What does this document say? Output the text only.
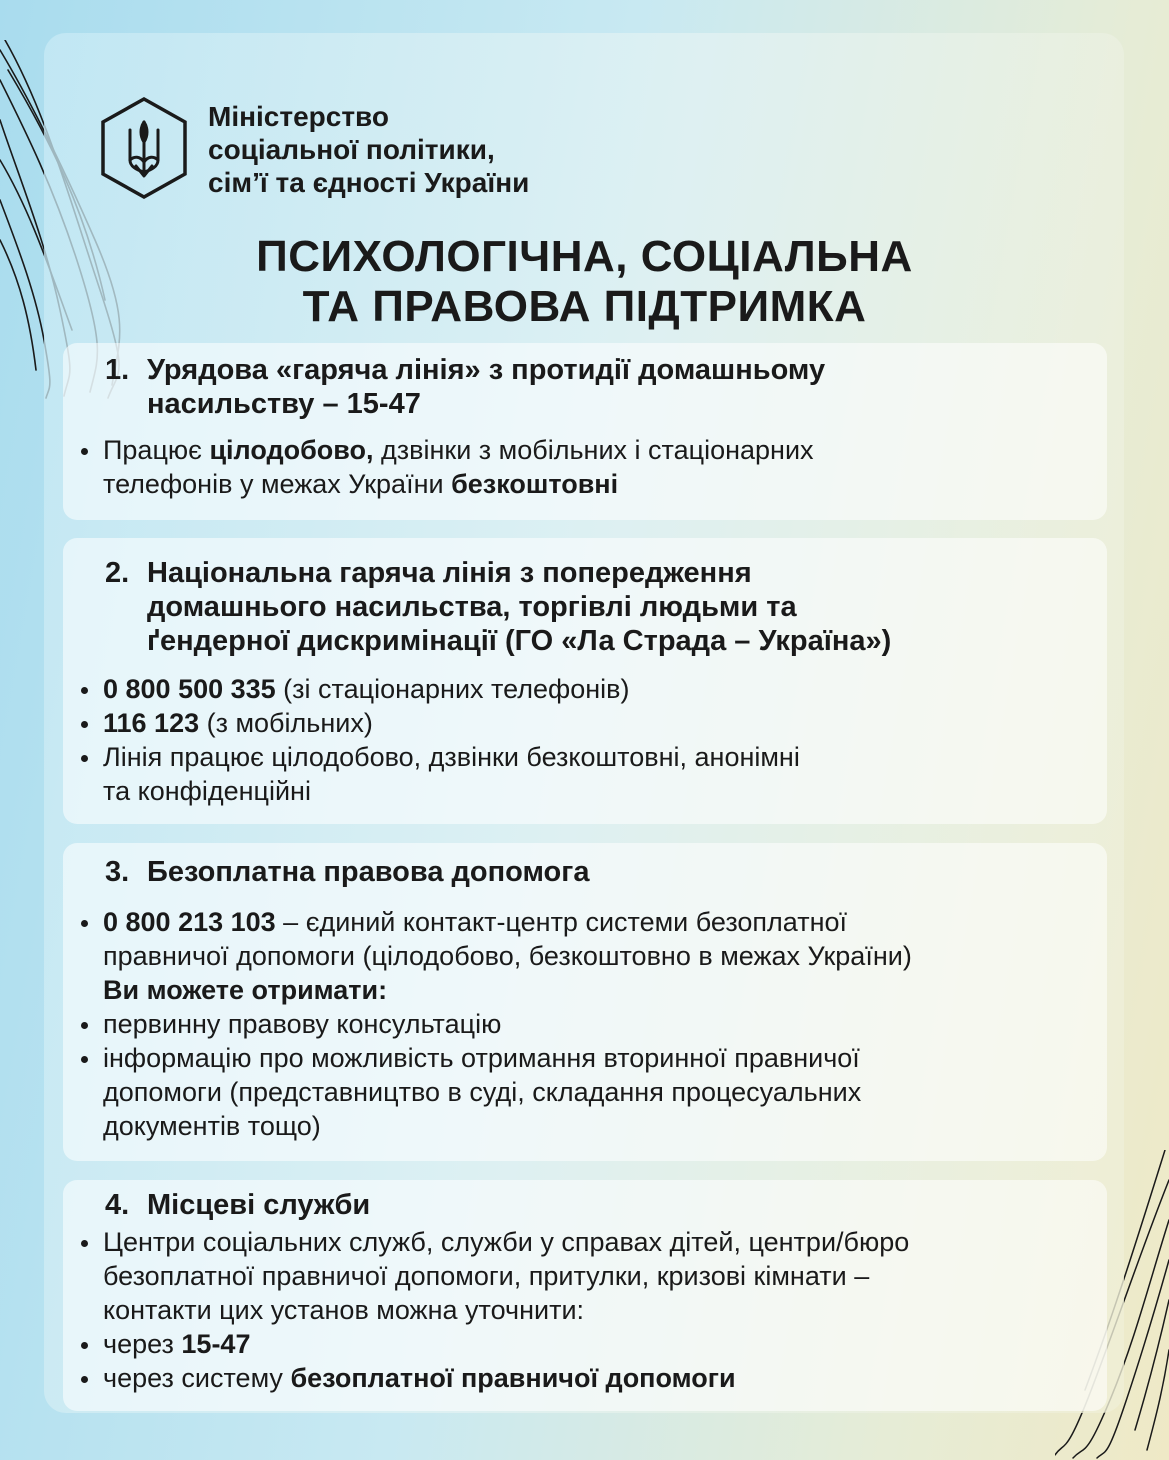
Міністерство
соціальної політики,
сім’ї та єдності України
ПСИХОЛОГІЧНА, СОЦІАЛЬНА
ТА ПРАВОВА ПІДТРИМКА
1. Урядова «гаряча лінія» з протидії домашньому
насильству – 15-47
Працює цілодобово, дзвінки з мобільних і стаціонарних
телефонів у межах України безкоштовні
2. Національна гаряча лінія з попередження
домашнього насильства, торгівлі людьми та
ґендерної дискримінації (ГО «Ла Страда – Україна»)
0 800 500 335 (зі стаціонарних телефонів)
116 123 (з мобільних)
Лінія працює цілодобово, дзвінки безкоштовні, анонімні
та конфіденційні
3. Безоплатна правова допомога
0 800 213 103 – єдиний контакт-центр системи безоплатної
правничої допомоги (цілодобово, безкоштовно в межах України)
Ви можете отримати:
первинну правову консультацію
інформацію про можливість отримання вторинної правничої
допомоги (представництво в суді, складання процесуальних
документів тощо)
4. Місцеві служби
Центри соціальних служб, служби у справах дітей, центри/бюро
безоплатної правничої допомоги, притулки, кризові кімнати –
контакти цих установ можна уточнити:
через 15-47
через систему безоплатної правничої допомоги
